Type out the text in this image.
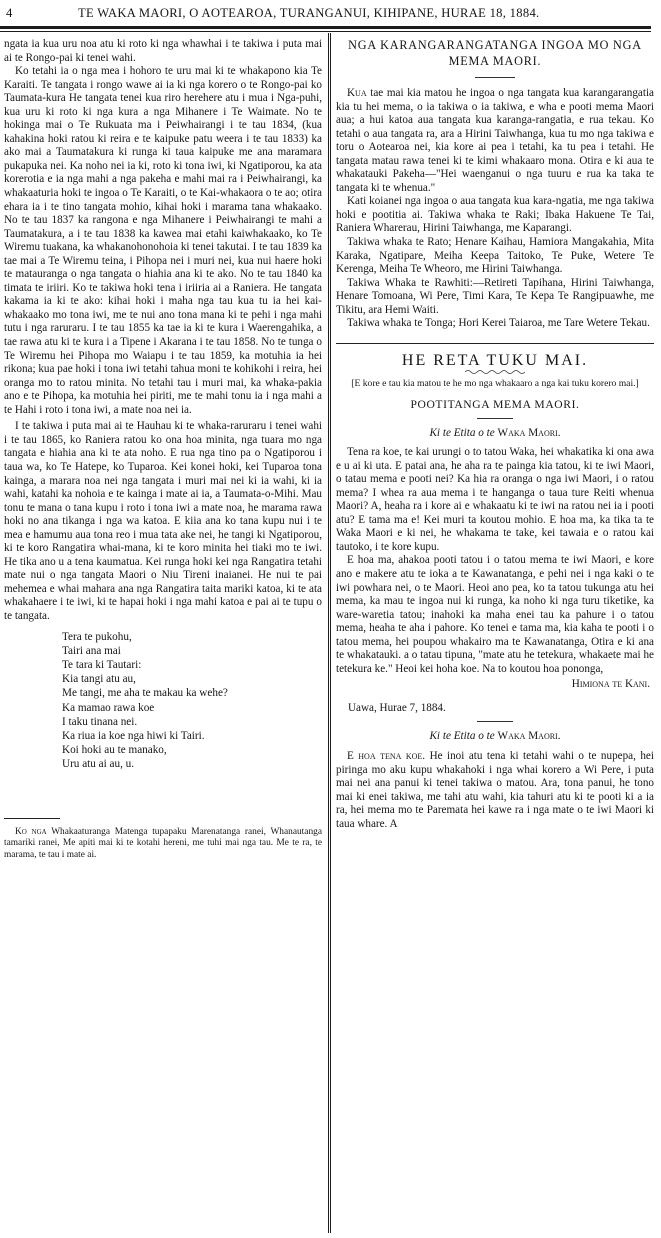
4	TE WAKA MAORI, O AOTEAROA, TURANGANUI, KIHIPANE, HURAE 18, 1884.

ngata ia kua uru noa atu ki roto ki nga whawhai i te takiwa i puta mai ai te Rongo-pai ki tenei wahi.

Ko tetahi ia o nga mea i hohoro te uru mai ki te whakapono kia Te Karaiti. Te tangata i rongo wawe ai ia ki nga korero o te Rongo-pai ko Taumata-kura He tangata tenei kua riro herehere atu i mua i Nga-puhi, kua uru ki roto ki nga kura a nga Mihanere i Te Waimate. No te hokinga mai o Te Rukuata ma i Peiwhairangi i te tau 1834, (kua kahakina hoki ratou ki reira e te kaipuke patu weera i te tau 1833) ka ako mai a Taumatakura ki runga ki taua kaipuke me ana maramara pukapuka nei. Ka noho nei ia ki, roto ki tona iwi, ki Ngatiporou, ka ata korerotia e ia nga mahi a nga pakeha e mahi mai ra i Peiwhairangi, ka whakaaturia hoki te ingoa o Te Karaiti, o te Kai-whakaora o te ao; otira ehara ia i te tino tangata mohio, kihai hoki i marama tana whakaako. No te tau 1837 ka rangona e nga Mihanere i Peiwhairangi te mahi a Taumatakura, a i te tau 1838 ka kawea mai etahi kaiwhakaako, ko Te Wiremu tuakana, ka whakanohonohoia ki tenei takutai. I te tau 1839 ka tae mai a Te Wiremu teina, i Pihopa nei i muri nei, kua nui haere hoki te matauranga o nga tangata o hiahia ana ki te ako. No te tau 1840 ka timata te iriiri. Ko te takiwa hoki tena i iriiria ai a Raniera. He tangata kakama ia ki te ako: kihai hoki i maha nga tau kua tu ia hei kai-whakaako mo tona iwi, me te nui ano tona mana ki te pehi i nga mahi tutu i nga raruraru. I te tau 1855 ka tae ia ki te kura i Waerengahika, a tae rawa atu ki te kura i a Tipene i Akarana i te tau 1858. No te tunga o Te Wiremu hei Pihopa mo Waiapu i te tau 1859, ka motuhia ia hei rikona; kua pae hoki i tona iwi tetahi tahua moni te kohikohi i reira, hei oranga mo to ratou minita. No tetahi tau i muri mai, ka whaka-pakia ano e te Pihopa, ka motuhia hei piriti, me te mahi tonu ia i nga mahi a te Hahi i roto i tona iwi, a mate noa nei ia.

I te takiwa i puta mai ai te Hauhau ki te whaka-raruraru i tenei wahi i te tau 1865, ko Raniera ratou ko ona hoa minita, nga tuara mo nga tangata e hiahia ana ki te ata noho. E rua nga tino pa o Ngatiporou i taua wa, ko Te Hatepe, ko Tuparoa. Kei konei hoki, kei Tuparoa tona kainga, a marara noa nei nga tangata i muri mai nei ki ia wahi, ki ia wahi, katahi ka nohoia e te kainga i mate ai ia, a Taumata-o-Mihi. Mau tonu te mana o tana kupu i roto i tona iwi a mate noa, he marama rawa hoki no ana tikanga i nga wa katoa. E kiia ana ko tana kupu nui i te mea e hamumu aua tona reo i mua tata ake nei, he tangi ki Ngatiporou, ki te koro Rangatira whai-mana, ki te koro minita hei tiaki mo te iwi. He tika ano u a tena kaumatua. Kei runga hoki kei nga Rangatira tetahi mate nui o nga tangata Maori o Niu Tireni inaianei. He nui te pai mehemea e whai mahara ana nga Rangatira taita mariki katoa, ki te ata whakahaere i te iwi, ki te hapai hoki i nga mahi katoa e pai ai te tupu o te tangata.

Tera te pukohu,
Tairi ana mai
Te tara ki Tautari:
Kia tangi atu au,
Me tangi, me aha te makau ka wehe?
Ka mamao rawa koe
I taku tinana nei.
Ka riua ia koe nga hiwi ki Tairi.
Koi hoki au te manako,
Uru atu ai au, u.

Ko nga Whakaaturanga Matenga tupapaku Marenatanga ranei, Whanautanga tamariki ranei, Me apiti mai ki te kotahi hereni, me tuhi mai nga tau. Me te ra, te marama, te tau i mate ai.

NGA KARANGARANGATANGA INGOA MO NGA MEMA MAORI.

Kua tae mai kia matou he ingoa o nga tangata kua karangarangatia kia tu hei mema, o ia takiwa o ia takiwa, e wha e pooti mema Maori aua; a hui katoa aua tangata kua karanga-rangatia, e rua tekau. Ko tetahi o aua tangata ra, ara a Hirini Taiwhanga, kua tu mo nga takiwa e toru o Aotearoa nei, kia kore ai pea i tetahi, ka tu pea i tetahi. He tangata matau rawa tenei ki te kimi whakaaro mona. Otira e ki aua te whakatauki Pakeha—"Hei waenganui o nga tuuru e rua ka taka te tangata ki te whenua."

Kati koianei nga ingoa o aua tangata kua kara-ngatia, me nga takiwa hoki e pootitia ai. Takiwa whaka te Raki; Ibaka Hakuene Te Tai, Raniera Wharerau, Hirini Taiwhanga, me Kaparangi.

Takiwa whaka te Rato; Henare Kaihau, Hamiora Mangakahia, Mita Karaka, Ngatipare, Meiha Keepa Taitoko, Te Puke, Wetere Te Kerenga, Meiha Te Wheoro, me Hirini Taiwhanga.

Takiwa Whaka te Rawhiti:—Retireti Tapihana, Hirini Taiwhanga, Henare Tomoana, Wi Pere, Timi Kara, Te Kepa Te Rangipuawhe, me Tikitu, ara Hemi Waiti.

Takiwa whaka te Tonga; Hori Kerei Taiaroa, me Tare Wetere Tekau.

HE RETA TUKU MAI.
[E kore e tau kia matou te he mo nga whakaaro a nga kai tuku korero mai.]
POOTITANGA MEMA MAORI.
Ki te Etita o te Waka Maori.

Tena ra koe, te kai urungi o to tatou Waka, hei whakatika ki ona awa e u ai ki uta. E patai ana, he aha ra te painga kia tatou, ki te iwi Maori, o tatau mema e pooti nei? Ka hia ra oranga o nga iwi Maori, i o ratou mema? I whea ra aua mema i te hanganga o taua ture Reiti whenua Maori? A, heaha ra i kore ai e whakaatu ki te iwi na ratou nei ia i pooti atu? E tama ma e! Kei muri ta koutou mohio. E hoa ma, ka tika ta te Waka Maori e ki nei, he whakama te take, kei tawaia e o ratou kai tautoko, i te kore kupu.

E hoa ma, ahakoa pooti tatou i o tatou mema te iwi Maori, e kore ano e makere atu te ioka a te Kawanatanga, e pehi nei i nga kaki o te iwi powhara nei, o te Maori. Heoi ano pea, ko ta tatou tukunga atu hei mema, ka mau te ingoa nui ki runga, ka noho ki nga turu tiketike, ka ware-waretia tatou; inahoki ka maha enei tau ka pahure i o tatou mema, heaha te aha i pahore. Ko tenei e tama ma, kia kaha te pooti i o tatou mema, hei poupou whakairo ma te Kawanatanga, Otira e ki ana te whakatauki. a o tatau tipuna, "mate atu he tetekura, whakaete mai he tetekura ke." Heoi kei hoha koe. Na to koutou hoa pononga,

Himiona te Kani.
Uawa, Hurae 7, 1884.
Ki te Etita o te Waka Maori.

E hoa tena koe. He inoi atu tena ki tetahi wahi o te nupepa, hei piringa mo aku kupu whakahoki i nga whai korero a Wi Pere, i puta mai nei ana panui ki tenei takiwa o matou. Ara, tona panui, he tono mai ki enei takiwa, me tahi atu wahi, kia tahuri atu ki te pooti ki a ia ra, hei mema mo te Paremata hei kawe ra i nga mate o te iwi Maori ki taua whare. A
